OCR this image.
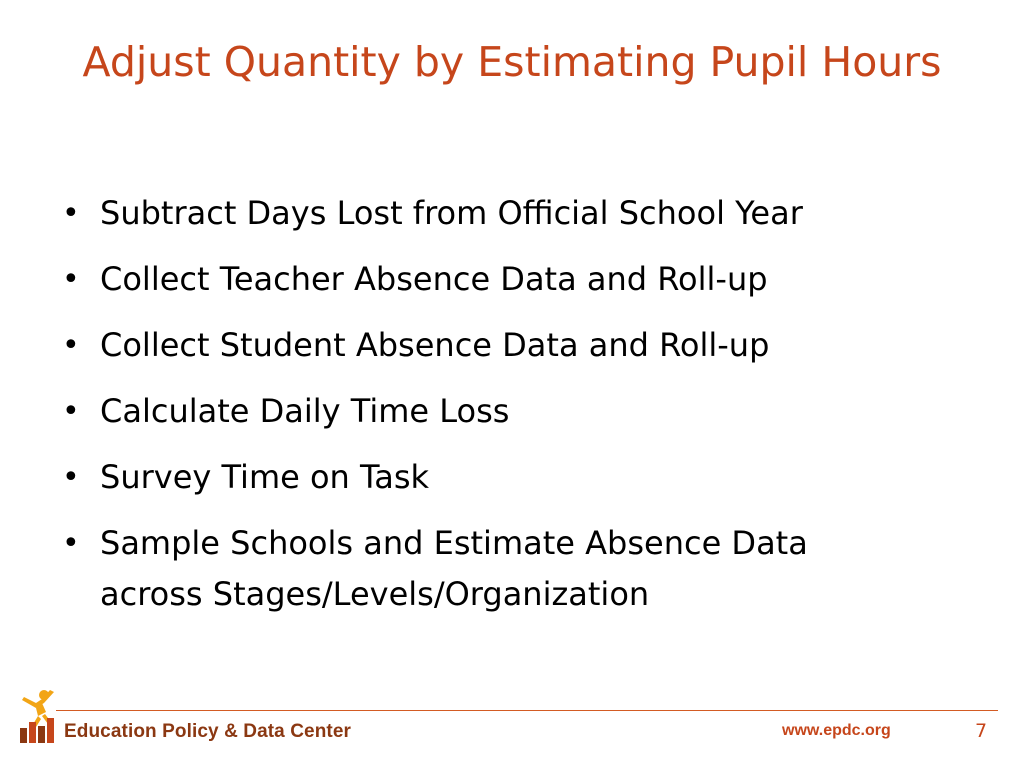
Adjust Quantity by Estimating Pupil Hours
• Subtract Days Lost from Official School Year
• Collect Teacher Absence Data and Roll-up
• Collect Student Absence Data and Roll-up
• Calculate Daily Time Loss
• Survey Time on Task
• Sample Schools and Estimate Absence Data
across Stages/Levels/Organization
Education Policy & Data Center	www.epdc.org	7
